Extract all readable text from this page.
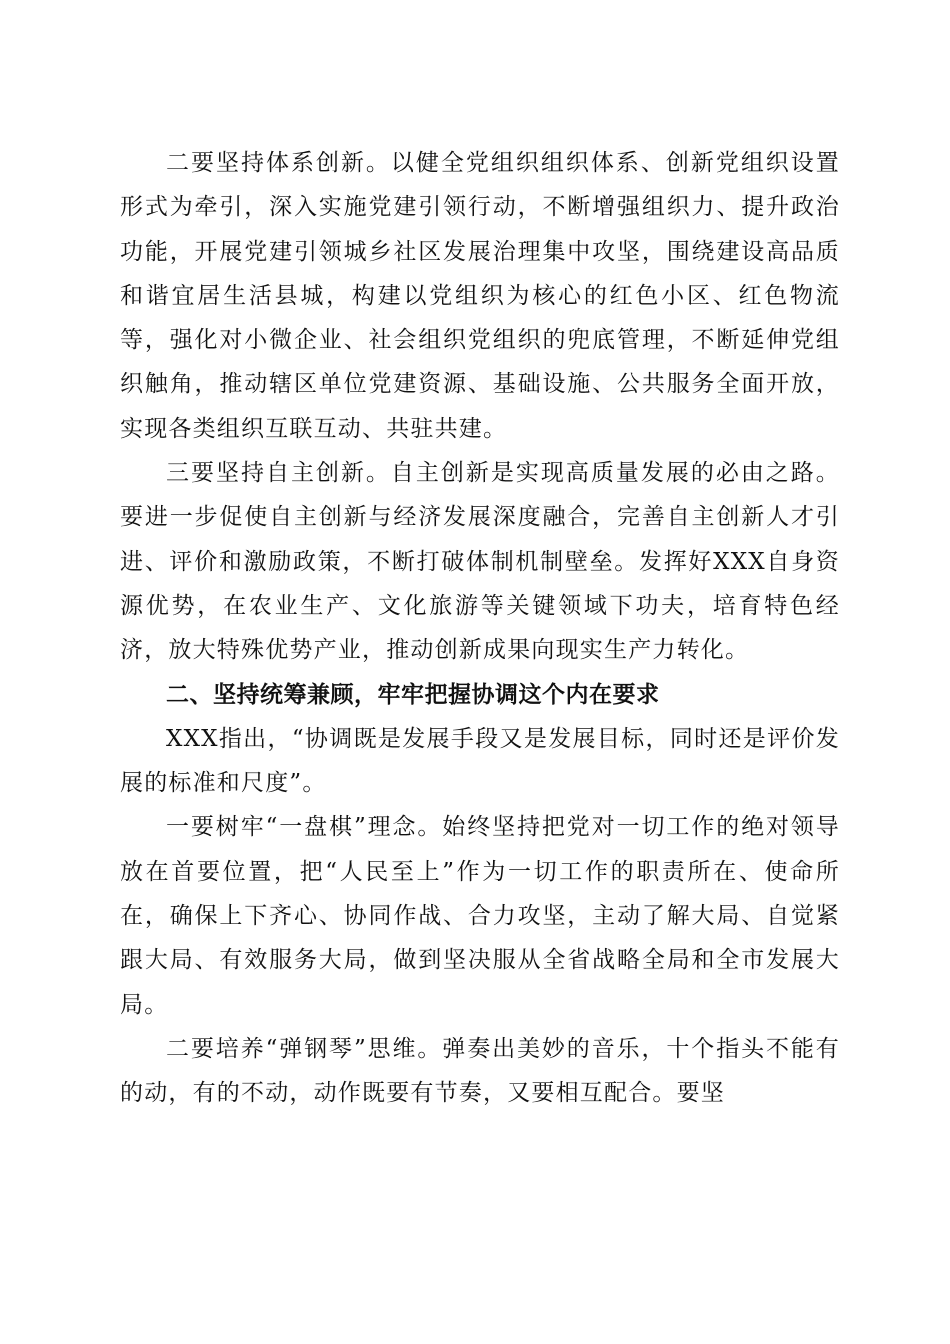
二要坚持体系创新。以健全党组织组织体系、创新党组织设置形式为牵引，深入实施党建引领行动，不断增强组织力、提升政治功能，开展党建引领城乡社区发展治理集中攻坚，围绕建设高品质和谐宜居生活县城，构建以党组织为核心的红色小区、红色物流等，强化对小微企业、社会组织党组织的兜底管理，不断延伸党组织触角，推动辖区单位党建资源、基础设施、公共服务全面开放，实现各类组织互联互动、共驻共建。

三要坚持自主创新。自主创新是实现高质量发展的必由之路。要进一步促使自主创新与经济发展深度融合，完善自主创新人才引进、评价和激励政策，不断打破体制机制壁垒。发挥好XXX自身资源优势，在农业生产、文化旅游等关键领域下功夫，培育特色经济，放大特殊优势产业，推动创新成果向现实生产力转化。

二、坚持统筹兼顾，牢牢把握协调这个内在要求

XXX指出，“协调既是发展手段又是发展目标，同时还是评价发展的标准和尺度”。

一要树牢“一盘棋”理念。始终坚持把党对一切工作的绝对领导放在首要位置，把“人民至上”作为一切工作的职责所在、使命所在，确保上下齐心、协同作战、合力攻坚，主动了解大局、自觉紧跟大局、有效服务大局，做到坚决服从全省战略全局和全市发展大局。

二要培养“弹钢琴”思维。弹奏出美妙的音乐，十个指头不能有的动，有的不动，动作既要有节奏，又要相互配合。要坚
